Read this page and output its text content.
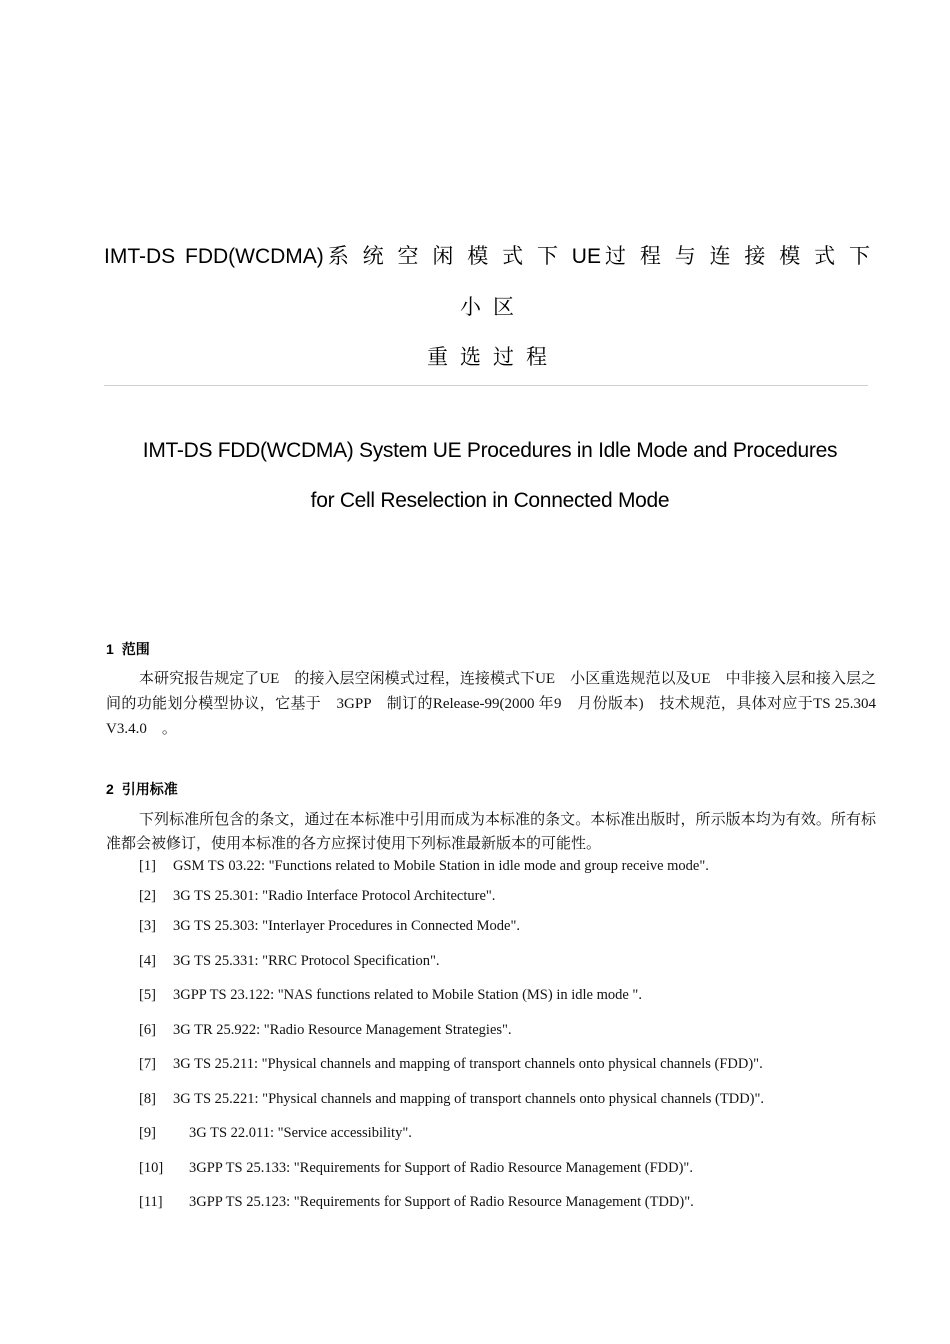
IMT-DS FDD(WCDMA)系 统 空 闲 模 式 下 UE过 程 与 连 接 模 式 下
小区
重选过程
IMT-DS FDD(WCDMA) System UE Procedures in Idle Mode and Procedures
for Cell Reselection in Connected Mode
1 范围
本研究报告规定了UE　的接入层空闲模式过程，连接模式下UE　小区重选规范以及UE　中非接入层和接入层之间的功能划分模型协议，它基于　3GPP　制订的Release-99(2000 年9　月份版本)　技术规范，具体对应于TS 25.304 V3.4.0　。
2 引用标准
下列标准所包含的条文，通过在本标准中引用而成为本标准的条文。本标准出版时，所示版本均为有效。所有标准都会被修订，使用本标准的各方应探讨使用下列标准最新版本的可能性。
[1] GSM TS 03.22: "Functions related to Mobile Station in idle mode and group receive mode".
[2] 3G TS 25.301: "Radio Interface Protocol Architecture".
[3] 3G TS 25.303: "Interlayer Procedures in Connected Mode".
[4] 3G TS 25.331: "RRC Protocol Specification".
[5] 3GPP TS 23.122: "NAS functions related to Mobile Station (MS) in idle mode ".
[6] 3G TR 25.922: "Radio Resource Management Strategies".
[7] 3G TS 25.211: "Physical channels and mapping of transport channels onto physical channels (FDD)".
[8] 3G TS 25.221: "Physical channels and mapping of transport channels onto physical channels (TDD)".
[9] 3G TS 22.011: "Service accessibility".
[10] 3GPP TS 25.133: "Requirements for Support of Radio Resource Management (FDD)".
[11] 3GPP TS 25.123: "Requirements for Support of Radio Resource Management (TDD)".
